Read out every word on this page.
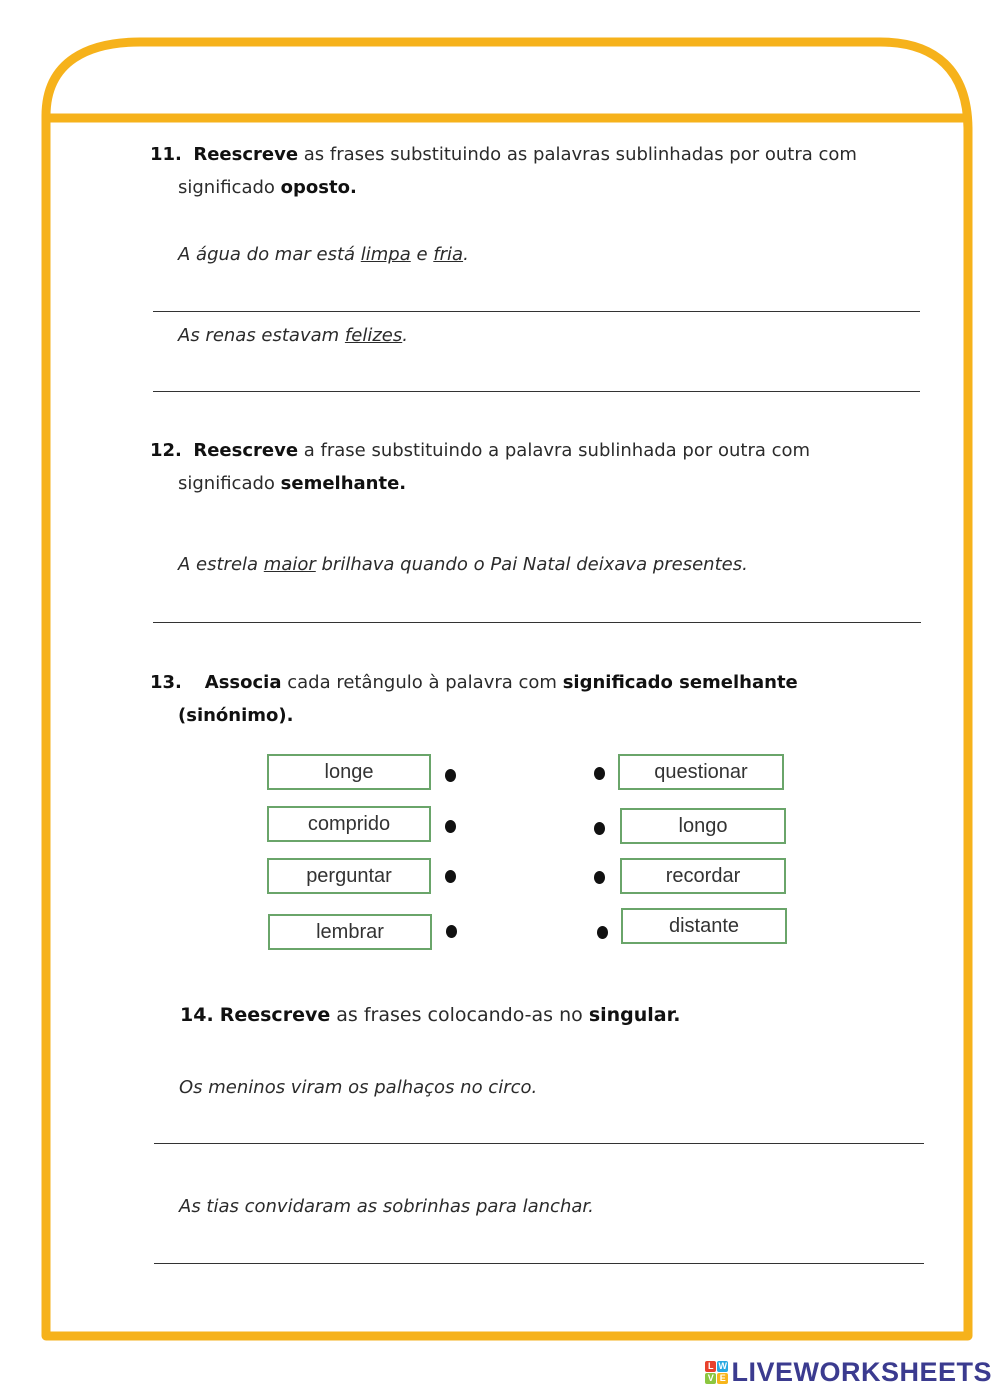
11. Reescreve as frases substituindo as palavras sublinhadas por outra com
significado oposto.
A água do mar está limpa e fria.
As renas estavam felizes.
12. Reescreve a frase substituindo a palavra sublinhada por outra com
significado semelhante.
A estrela maior brilhava quando o Pai Natal deixava presentes.
13. Associa cada retângulo à palavra com significado semelhante
(sinónimo).
longe
comprido
perguntar
lembrar
questionar
longo
recordar
distante
14. Reescreve as frases colocando-as no singular.
Os meninos viram os palhaços no circo.
As tias convidaram as sobrinhas para lanchar.
L W
V E LIVEWORKSHEETS
